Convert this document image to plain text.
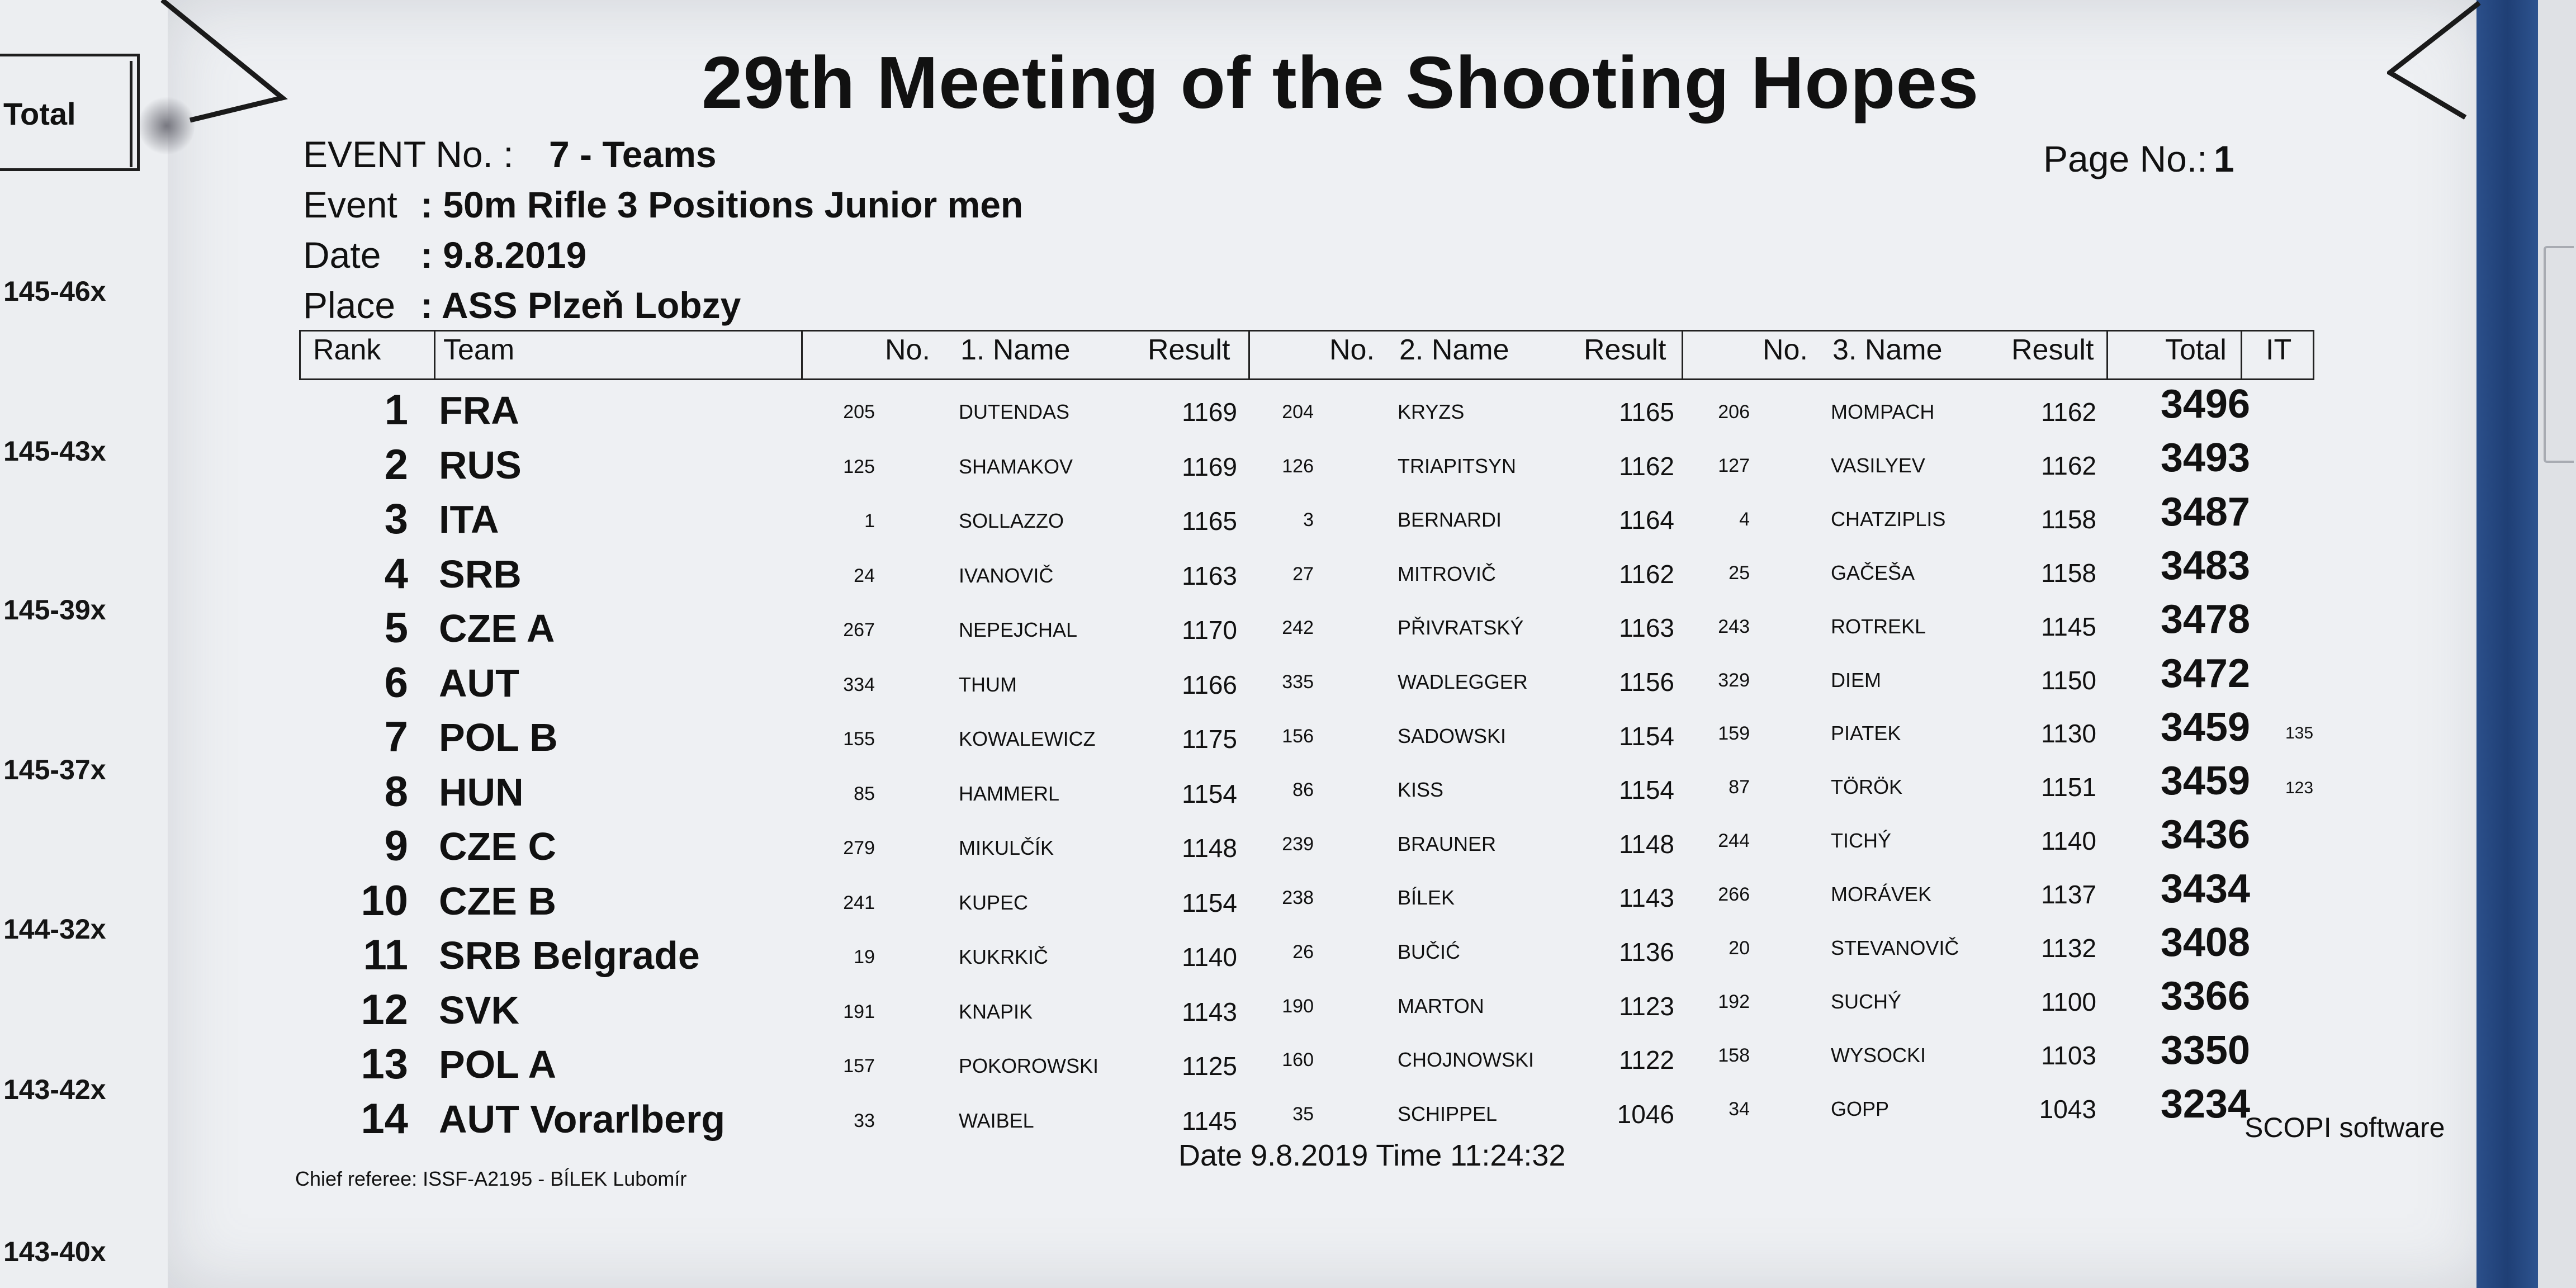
Total
145-46x
145-43x
145-39x
145-37x
144-32x
143-42x
143-40x
29th Meeting of the Shooting Hopes
EVENT No. : 7 - Teams	Page No.: 1
Event : 50m Rifle 3 Positions Junior men
Date : 9.8.2019
Place : ASS Plzeň Lobzy
Rank Team	No. 1. Name	Result	No. 2. Name	Result	No. 3. Name Result Total IT
1 FRA	205	DUTENDAS	1169	204	KRYZS	1165	206	MOMPACH	1162	3496
2 RUS	125	SHAMAKOV	1169	126	TRIAPITSYN	1162	127	VASILYEV	1162	3493
3 ITA	1	SOLLAZZO	1165	3	BERNARDI	1164	4	CHATZIPLIS	1158	3487
4 SRB	24	IVANOVIČ	1163	27	MITROVIČ	1162	25	GAČEŠA	1158	3483
5 CZE A	267	NEPEJCHAL	1170	242	PŘIVRATSKÝ	1163	243	ROTREKL	1145	3478
6 AUT	334	THUM	1166	335	WADLEGGER	1156	329	DIEM	1150	3472
7 POL B	155	KOWALEWICZ	1175	156	SADOWSKI	1154	159	PIATEK	1130	3459 135
8 HUN	85	HAMMERL	1154	86	KISS	1154	87	TÖRÖK	1151	3459 123
9 CZE C	279	MIKULČÍK	1148	239	BRAUNER	1148	244	TICHÝ	1140	3436
10 CZE B	241	KUPEC	1154	238	BÍLEK	1143	266	MORÁVEK	1137	3434
11 SRB Belgrade	19	KUKRKIČ	1140	26	BUČIĆ	1136	20	STEVANOVIČ	1132	3408
12 SVK	191	KNAPIK	1143	190	MARTON	1123	192	SUCHÝ	1100	3366
13 POL A	157	POKOROWSKI	1125	160	CHOJNOWSKI	1122	158	WYSOCKI	1103	3350
14 AUT Vorarlberg	33	WAIBEL	1145	35	SCHIPPEL	1046	34	GOPP	1043	3234
Chief referee: ISSF-A2195 - BÍLEK Lubomír
Date 9.8.2019 Time 11:24:32
SCOPI software
